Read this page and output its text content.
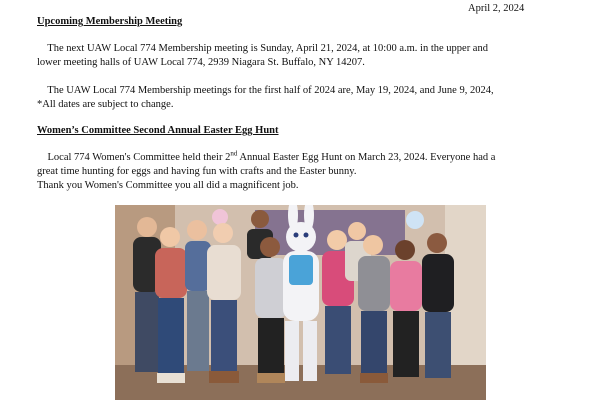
April 2, 2024
Upcoming Membership Meeting

The next UAW Local 774 Membership meeting is Sunday, April 21, 2024, at 10:00 a.m. in the upper and
lower meeting halls of UAW Local 774, 2939 Niagara St. Buffalo, NY 14207.

The UAW Local 774 Membership meetings for the first half of 2024 are, May 19, 2024, and June 9, 2024,
*All dates are subject to change.

Women’s Committee Second Annual Easter Egg Hunt

Local 774 Women's Committee held their 2nd Annual Easter Egg Hunt on March 23, 2024. Everyone had a
great time hunting for eggs and having fun with crafts and the Easter bunny.
Thank you Women's Committee you all did a magnificent job.
